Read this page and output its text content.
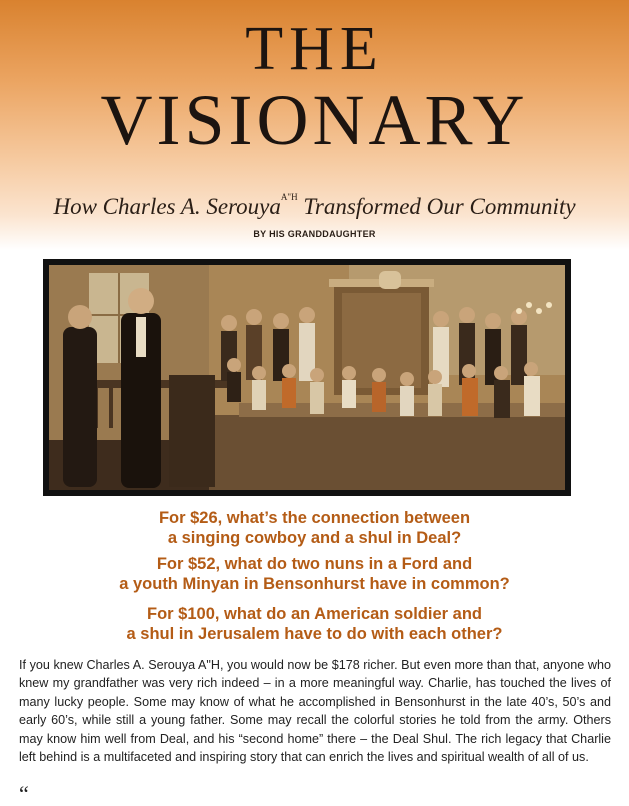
THE
VISIONARY
How Charles A. Serouya$^{A"H}$ Transformed Our Community
BY HIS GRANDDAUGHTER

For $26, what’s the connection between
a singing cowboy and a shul in Deal?

For $52, what do two nuns in a Ford and
a youth Minyan in Bensonhurst have in common?

For $100, what do an American soldier and
a shul in Jerusalem have to do with each other?

If you knew Charles A. Serouya A"H, you would now be $178 richer. But even more than that, anyone who knew my grandfather was very rich indeed – in a more meaningful way. Charlie, has touched the lives of many lucky people. Some may know of what he accomplished in Bensonhurst in the late 40’s, 50’s and early 60’s, while still a young father. Some may recall the colorful stories he told from the army. Others may know him well from Deal, and his “second home” there – the Deal Shul. The rich legacy that Charlie left behind is a multifaceted and inspiring story that can enrich the lives and spiritual wealth of all of us.

“
